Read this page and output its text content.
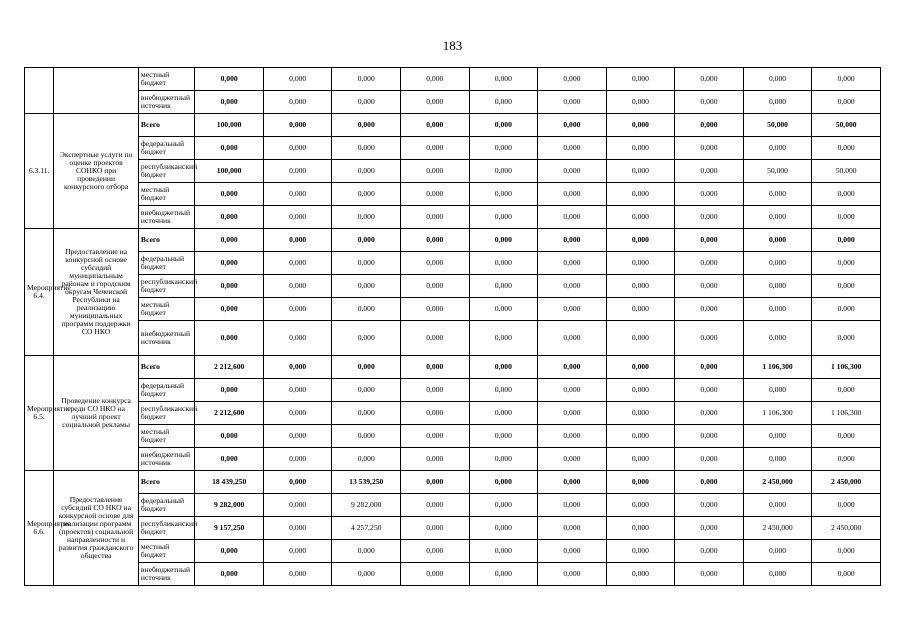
183
		местный бюджет	0,000	0,000	0,000	0,000	0,000	0,000	0,000	0,000	0,000	0,000
		внебюджетный источник	0,000	0,000	0,000	0,000	0,000	0,000	0,000	0,000	0,000	0,000
6.3.11.	Экспертные услуги по оценке проектов СОНКО при проведении конкурсного отбора	Всего	100,000	0,000	0,000	0,000	0,000	0,000	0,000	0,000	50,000	50,000
		федеральный бюджет	0,000	0,000	0,000	0,000	0,000	0,000	0,000	0,000	0,000	0,000
		республиканский бюджет	100,000	0,000	0,000	0,000	0,000	0,000	0,000	0,000	50,000	50,000
		местный бюджет	0,000	0,000	0,000	0,000	0,000	0,000	0,000	0,000	0,000	0,000
		внебюджетный источник	0,000	0,000	0,000	0,000	0,000	0,000	0,000	0,000	0,000	0,000
Мероприятие 6.4.	Предоставление на конкурсной основе субсидий муниципальным районам и городским округам Чеченской Республики на реализацию муниципальных программ поддержки СО НКО	Всего	0,000	0,000	0,000	0,000	0,000	0,000	0,000	0,000	0,000	0,000
		федеральный бюджет	0,000	0,000	0,000	0,000	0,000	0,000	0,000	0,000	0,000	0,000
		республиканский бюджет	0,000	0,000	0,000	0,000	0,000	0,000	0,000	0,000	0,000	0,000
		местный бюджет	0,000	0,000	0,000	0,000	0,000	0,000	0,000	0,000	0,000	0,000
		внебюджетный источник	0,000	0,000	0,000	0,000	0,000	0,000	0,000	0,000	0,000	0,000
Мероприятие 6.5.	Проведение конкурса среди СО НКО на лучший проект социальной рекламы	Всего	2 212,600	0,000	0,000	0,000	0,000	0,000	0,000	0,000	1 106,300	1 106,300
		федеральный бюджет	0,000	0,000	0,000	0,000	0,000	0,000	0,000	0,000	0,000	0,000
		республиканский бюджет	2 212,600	0,000	0,000	0,000	0,000	0,000	0,000	0,000	1 106,300	1 106,300
		местный бюджет	0,000	0,000	0,000	0,000	0,000	0,000	0,000	0,000	0,000	0,000
		внебюджетный источник	0,000	0,000	0,000	0,000	0,000	0,000	0,000	0,000	0,000	0,000
Мероприятие 6.6.	Предоставление субсидий СО НКО на конкурсной основе для реализации программ (проектов) социальной направленности и развития гражданского общества	Всего	18 439,250	0,000	13 539,250	0,000	0,000	0,000	0,000	0,000	2 450,000	2 450,000
		федеральный бюджет	9 282,000	0,000	9 282,000	0,000	0,000	0,000	0,000	0,000	0,000	0,000
		республиканский бюджет	9 157,250	0,000	4 257,250	0,000	0,000	0,000	0,000	0,000	2 450,000	2 450,000
		местный бюджет	0,000	0,000	0,000	0,000	0,000	0,000	0,000	0,000	0,000	0,000
		внебюджетный источник	0,000	0,000	0,000	0,000	0,000	0,000	0,000	0,000	0,000	0,000
